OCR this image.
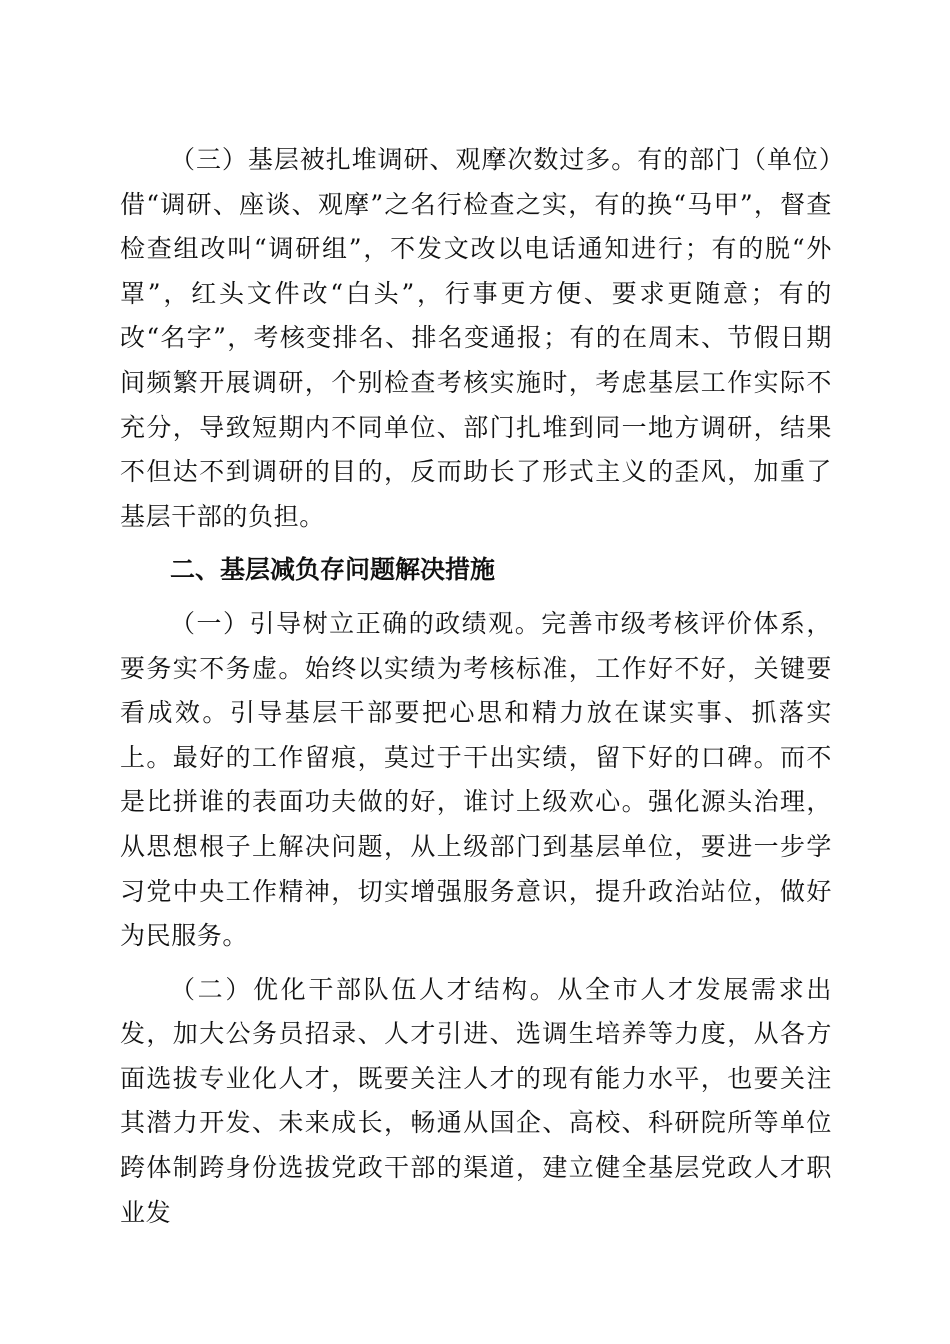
（三）基层被扎堆调研、观摩次数过多。有的部门（单位）借“调研、座谈、观摩”之名行检查之实，有的换“马甲”，督查检查组改叫“调研组”，不发文改以电话通知进行；有的脱“外罩”，红头文件改“白头”，行事更方便、要求更随意；有的改“名字”，考核变排名、排名变通报；有的在周末、节假日期间频繁开展调研，个别检查考核实施时，考虑基层工作实际不充分，导致短期内不同单位、部门扎堆到同一地方调研，结果不但达不到调研的目的，反而助长了形式主义的歪风，加重了基层干部的负担。

二、基层减负存问题解决措施

（一）引导树立正确的政绩观。完善市级考核评价体系，要务实不务虚。始终以实绩为考核标准，工作好不好，关键要看成效。引导基层干部要把心思和精力放在谋实事、抓落实上。最好的工作留痕，莫过于干出实绩，留下好的口碑。而不是比拼谁的表面功夫做的好，谁讨上级欢心。强化源头治理，从思想根子上解决问题，从上级部门到基层单位，要进一步学习党中央工作精神，切实增强服务意识，提升政治站位，做好为民服务。

（二）优化干部队伍人才结构。从全市人才发展需求出发，加大公务员招录、人才引进、选调生培养等力度，从各方面选拔专业化人才，既要关注人才的现有能力水平，也要关注其潜力开发、未来成长，畅通从国企、高校、科研院所等单位跨体制跨身份选拔党政干部的渠道，建立健全基层党政人才职业发
